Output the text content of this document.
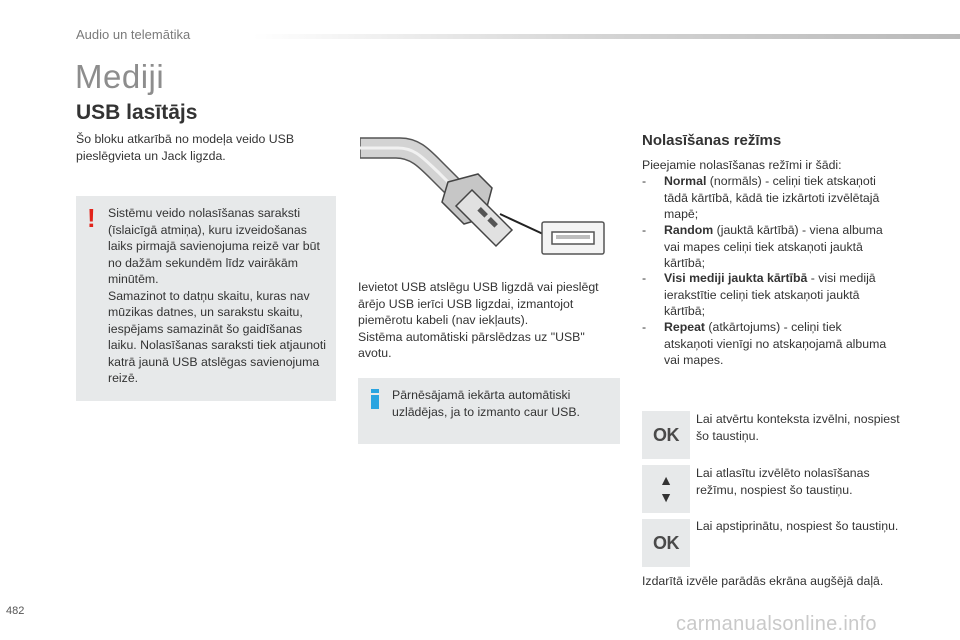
Audio un telemātika
Mediji
USB lasītājs
Šo bloku atkarībā no modeļa veido USB pieslēgvieta un Jack ligzda.
! Sistēmu veido nolasīšanas saraksti (īslaicīgā atmiņa), kuru izveidošanas laiks pirmajā savienojuma reizē var būt no dažām sekundēm līdz vairākām minūtēm.
Samazinot to datņu skaitu, kuras nav mūzikas datnes, un sarakstu skaitu, iespējams samazināt šo gaidīšanas laiku. Nolasīšanas saraksti tiek atjaunoti katrā jaunā USB atslēgas savienojuma reizē.
Ievietot USB atslēgu USB ligzdā vai pieslēgt ārējo USB ierīci USB ligzdai, izmantojot piemērotu kabeli (nav iekļauts).
Sistēma automātiski pārslēdzas uz "USB" avotu.
Pārnēsājamā iekārta automātiski uzlādējas, ja to izmanto caur USB.
Nolasīšanas režīms
Pieejamie nolasīšanas režīmi ir šādi:
- Normal (normāls) - celiņi tiek atskaņoti tādā kārtībā, kādā tie izkārtoti izvēlētajā mapē;
- Random (jauktā kārtībā) - viena albuma vai mapes celiņi tiek atskaņoti jauktā kārtībā;
- Visi mediji jaukta kārtībā - visi medijā ierakstītie celiņi tiek atskaņoti jauktā kārtībā;
- Repeat (atkārtojums) - celiņi tiek atskaņoti vienīgi no atskaņojamā albuma vai mapes.
OK
Lai atvērtu konteksta izvēlni, nospiest šo taustiņu.
▲
▼
Lai atlasītu izvēlēto nolasīšanas režīmu, nospiest šo taustiņu.
OK
Lai apstiprinātu, nospiest šo taustiņu.
Izdarītā izvēle parādās ekrāna augšējā daļā.
482
carmanualsonline.info
